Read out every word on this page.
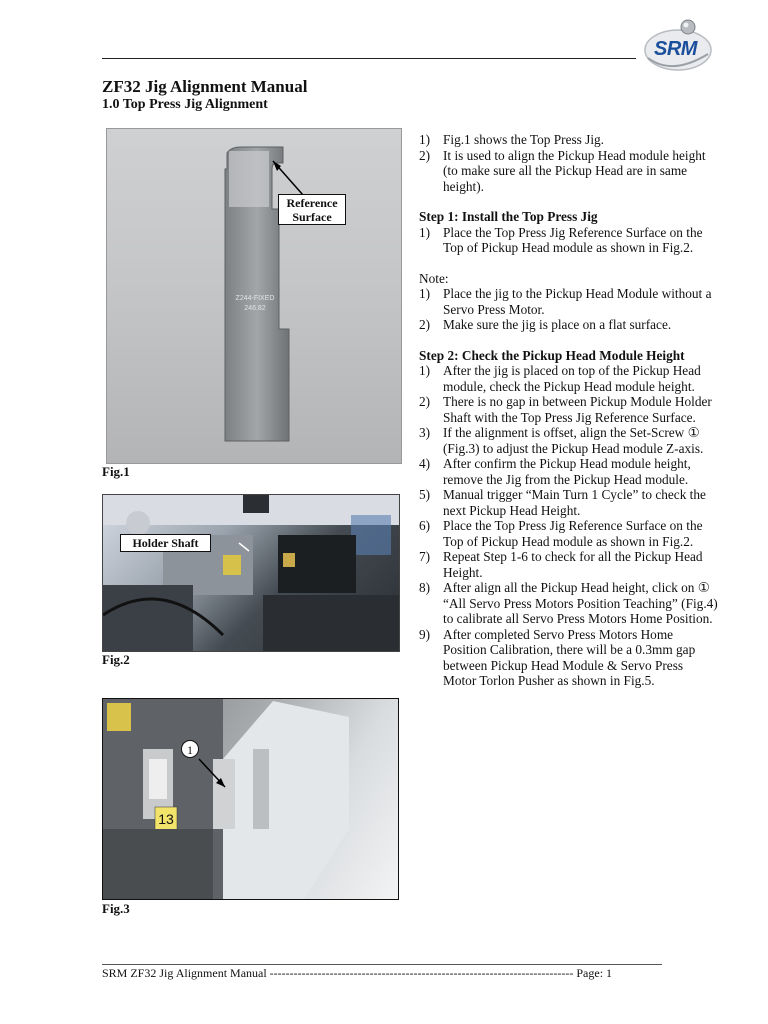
SRM
ZF32 Jig Alignment Manual
1.0 Top Press Jig Alignment
Z244-FIXED
246.82
Reference Surface
Fig.1
Holder Shaft
Fig.2
13
1
Fig.3
1) Fig.1 shows the Top Press Jig.
2) It is used to align the Pickup Head module height (to make sure all the Pickup Head are in same height).

Step 1: Install the Top Press Jig

1) Place the Top Press Jig Reference Surface on the Top of Pickup Head module as shown in Fig.2.

Note:

1) Place the jig to the Pickup Head Module without a Servo Press Motor.
2) Make sure the jig is place on a flat surface.

Step 2: Check the Pickup Head Module Height

1) After the jig is placed on top of the Pickup Head module, check the Pickup Head module height.
2) There is no gap in between Pickup Module Holder Shaft with the Top Press Jig Reference Surface.
3) If the alignment is offset, align the Set-Screw ① (Fig.3) to adjust the Pickup Head module Z-axis.
4) After confirm the Pickup Head module height, remove the Jig from the Pickup Head module.
5) Manual trigger “Main Turn 1 Cycle” to check the next Pickup Head Height.
6) Place the Top Press Jig Reference Surface on the Top of Pickup Head module as shown in Fig.2.
7) Repeat Step 1-6 to check for all the Pickup Head Height.
8) After align all the Pickup Head height, click on ① “All Servo Press Motors Position Teaching” (Fig.4) to calibrate all Servo Press Motors Home Position.
9) After completed Servo Press Motors Home Position Calibration, there will be a 0.3mm gap between Pickup Head Module & Servo Press Motor Torlon Pusher as shown in Fig.5.
SRM ZF32 Jig Alignment Manual ---------------------------------------------------------------------------- Page: 1
